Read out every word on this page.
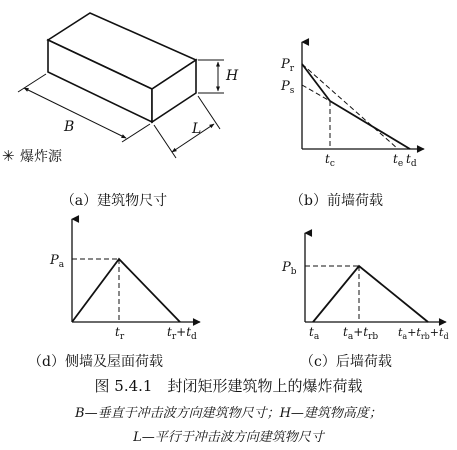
H
L
B
✳ 爆炸源
$P_r$
$P_s$
$t_c$	$t_e$ $t_d$
$P_a$
$t_r$	$t_r+t_d$
$P_b$
$t_a$ $t_a+t_{rb}$ $t_a+t_{rb}+t_d$
（a）建筑物尺寸	（b）前墙荷载
（d）侧墙及屋面荷载	（c）后墙荷载
图 5.4.1　封闭矩形建筑物上的爆炸荷载
B—垂直于冲击波方向建筑物尺寸；H—建筑物高度；
L—平行于冲击波方向建筑物尺寸
